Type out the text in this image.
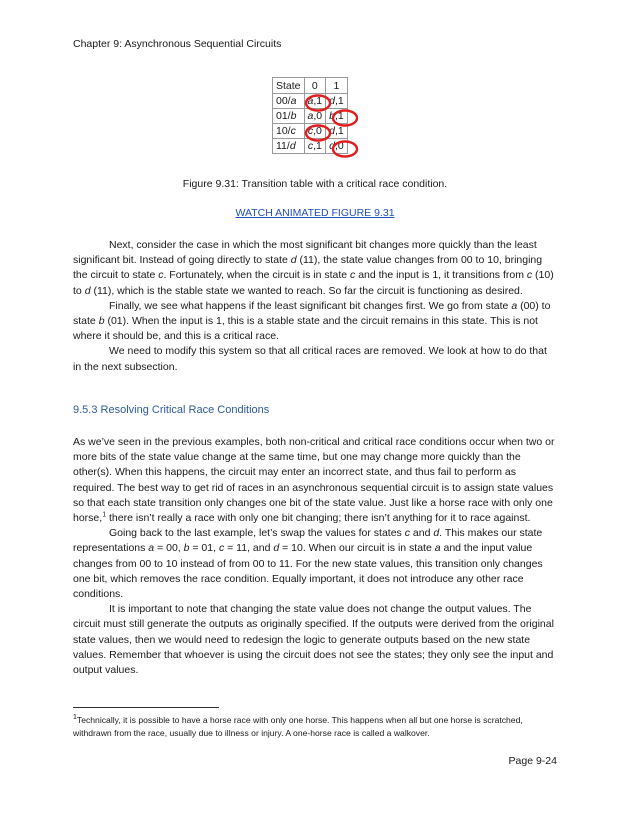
Chapter 9: Asynchronous Sequential Circuits
State	0	1
00/a	a,1	d,1
01/b	a,0	b,1
10/c	c,0	d,1
11/d	c,1	d,0
Figure 9.31: Transition table with a critical race condition.
WATCH ANIMATED FIGURE 9.31

Next, consider the case in which the most significant bit changes more quickly than the least significant bit. Instead of going directly to state d (11), the state value changes from 00 to 10, bringing the circuit to state c. Fortunately, when the circuit is in state c and the input is 1, it transitions from c (10) to d (11), which is the stable state we wanted to reach. So far the circuit is functioning as desired.

Finally, we see what happens if the least significant bit changes first. We go from state a (00) to state b (01). When the input is 1, this is a stable state and the circuit remains in this state. This is not where it should be, and this is a critical race.

We need to modify this system so that all critical races are removed. We look at how to do that in the next subsection.

9.5.3 Resolving Critical Race Conditions

As we’ve seen in the previous examples, both non-critical and critical race conditions occur when two or more bits of the state value change at the same time, but one may change more quickly than the other(s). When this happens, the circuit may enter an incorrect state, and thus fail to perform as required. The best way to get rid of races in an asynchronous sequential circuit is to assign state values so that each state transition only changes one bit of the state value. Just like a horse race with only one horse,$^1$ there isn’t really a race with only one bit changing; there isn’t anything for it to race against.

Going back to the last example, let’s swap the values for states c and d. This makes our state representations a = 00, b = 01, c = 11, and d = 10. When our circuit is in state a and the input value changes from 00 to 10 instead of from 00 to 11. For the new state values, this transition only changes one bit, which removes the race condition. Equally important, it does not introduce any other race conditions.

It is important to note that changing the state value does not change the output values. The circuit must still generate the outputs as originally specified. If the outputs were derived from the original state values, then we would need to redesign the logic to generate outputs based on the new state values. Remember that whoever is using the circuit does not see the states; they only see the input and output values.

$^1$Technically, it is possible to have a horse race with only one horse. This happens when all but one horse is scratched, withdrawn from the race, usually due to illness or injury. A one-horse race is called a walkover.
Page 9-24
